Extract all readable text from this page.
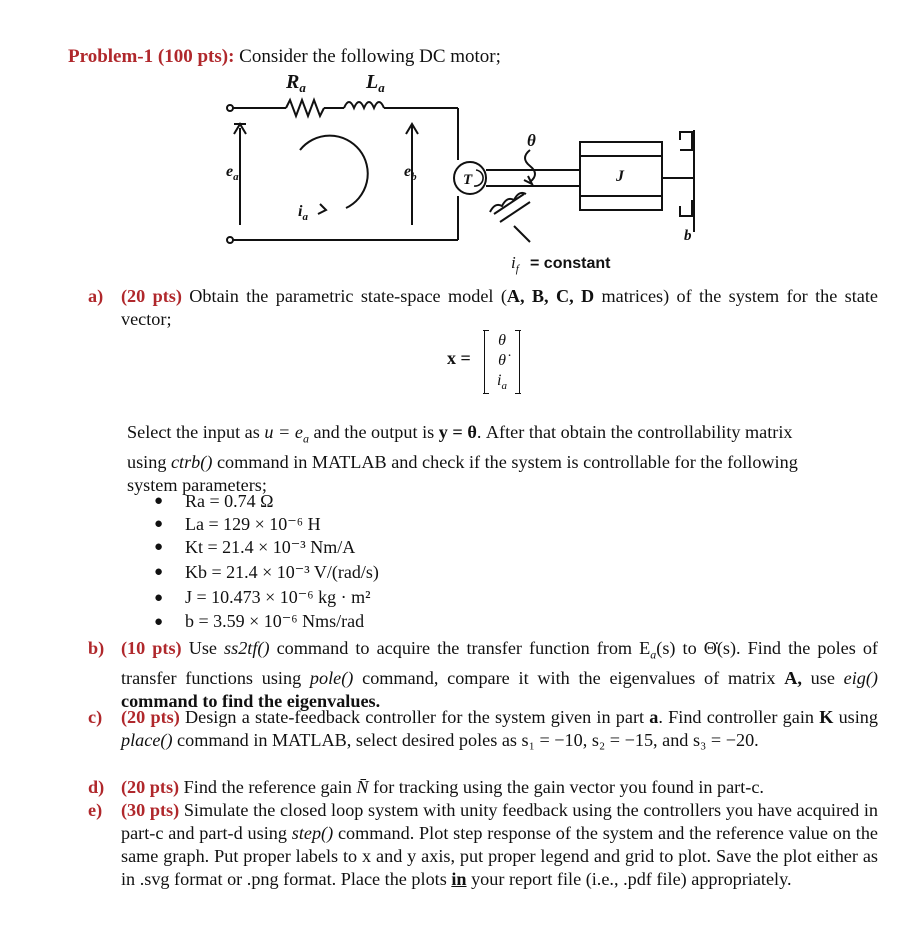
Problem-1 (100 pts): Consider the following DC motor;
$R_a$	$L_a$
$e_a$
$i_a$
$e_b$	T
θ
J
b
$i_f$ = constant
a) (20 pts) Obtain the parametric state-space model (A, B, C, D matrices) of the system for the state vector;
x =
θ
θ̇
$i_a$
Select the input as $u = e_a$ and the output is y = θ. After that obtain the controllability matrix
using ctrb() command in MATLAB and check if the system is controllable for the following
system parameters;
● Ra = 0.74 Ω
● La = 129 × 10⁻⁶ H
● Kt = 21.4 × 10⁻³ Nm/A
● Kb = 21.4 × 10⁻³ V/(rad/s)
● J = 10.473 × 10⁻⁶ kg · m²
● b = 3.59 × 10⁻⁶ Nms/rad
b) (10 pts) Use ss2tf() command to acquire the transfer function from $E_a(s)$ to Θ̇(s). Find the poles of transfer functions using pole() command, compare it with the eigenvalues of matrix A, use eig() command to find the eigenvalues.
c) (20 pts) Design a state-feedback controller for the system given in part a. Find controller gain K using place() command in MATLAB, select desired poles as s₁ = −10, s₂ = −15, and s₃ = −20.
d) (20 pts) Find the reference gain N̄ for tracking using the gain vector you found in part-c.
e) (30 pts) Simulate the closed loop system with unity feedback using the controllers you have acquired in part-c and part-d using step() command. Plot step response of the system and the reference value on the same graph. Put proper labels to x and y axis, put proper legend and grid to plot. Save the plot either as in .svg format or .png format. Place the plots in your report file (i.e., .pdf file) appropriately.
